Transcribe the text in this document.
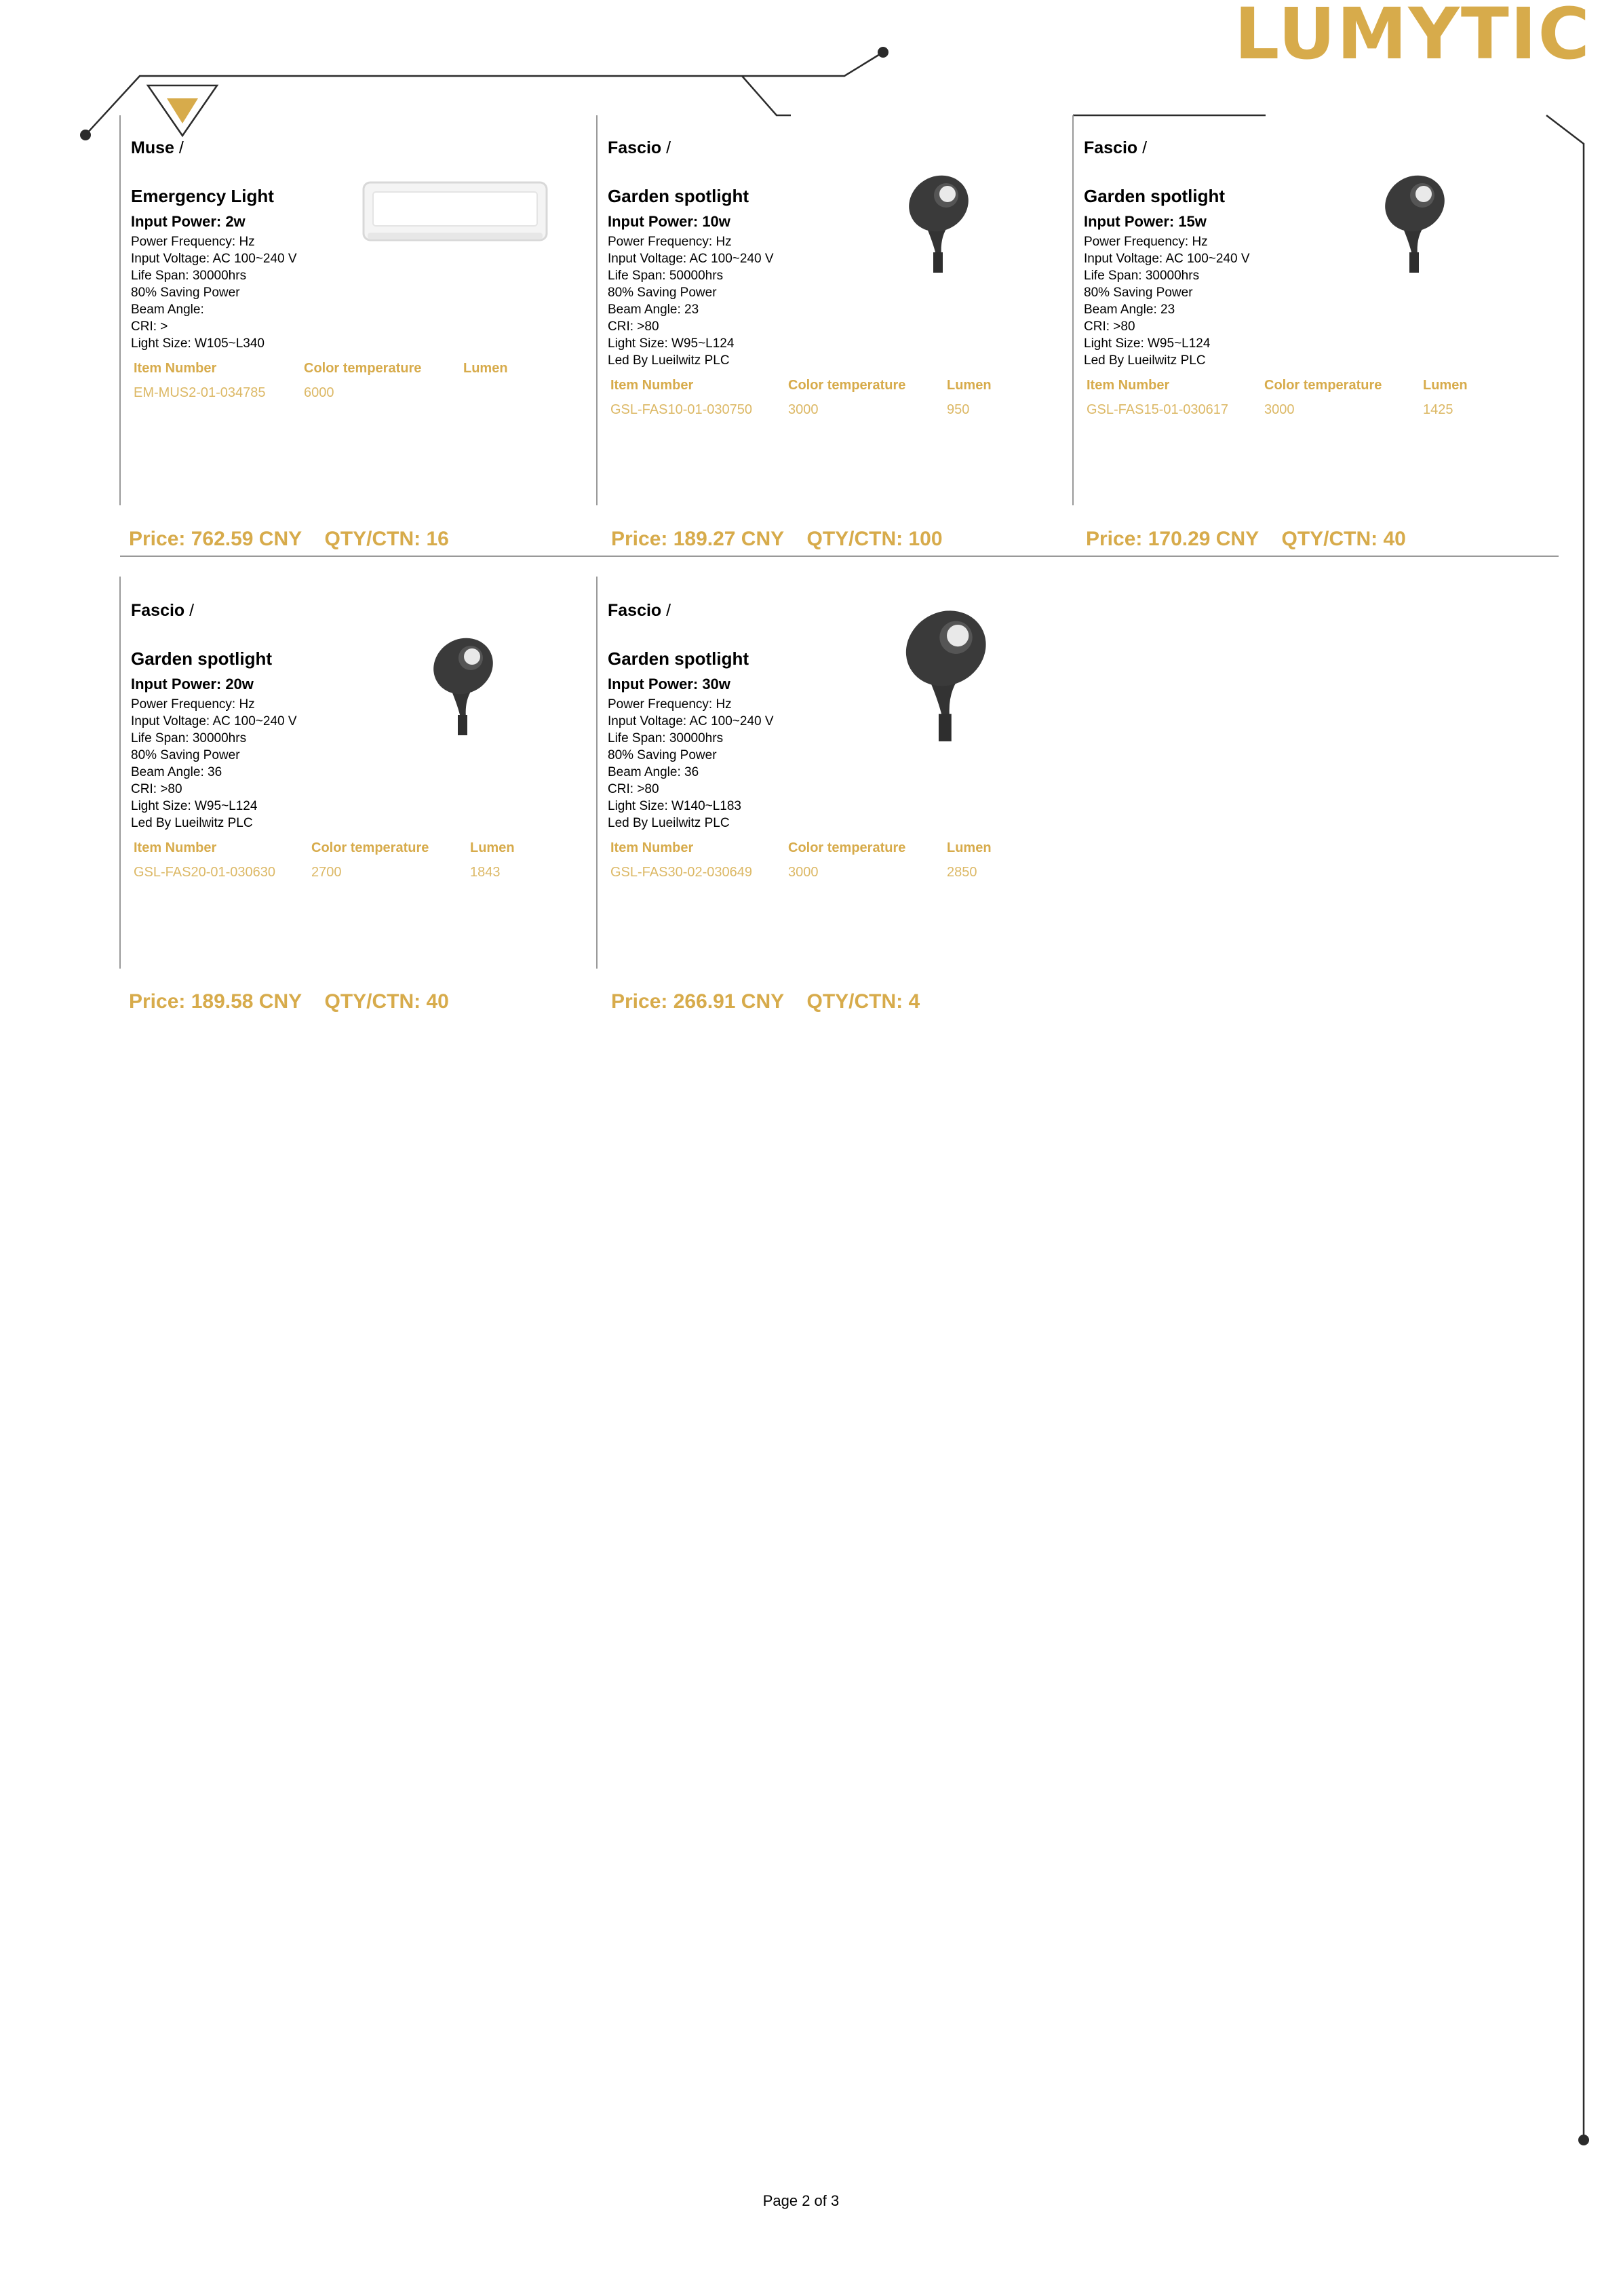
LUMYTIC
Muse /
Emergency Light
Input Power: 2w
Power Frequency: Hz
Input Voltage: AC 100~240 V
Life Span: 30000hrs
80% Saving Power
Beam Angle:
CRI: >
Light Size: W105~L340
Item Number	Color temperature	Lumen
EM-MUS2-01-034785	6000
Price: 762.59 CNY QTY/CTN: 16
Fascio /
Garden spotlight
Input Power: 10w
Power Frequency: Hz
Input Voltage: AC 100~240 V
Life Span: 50000hrs
80% Saving Power
Beam Angle: 23
CRI: >80
Light Size: W95~L124
Led By Lueilwitz PLC
Item Number	Color temperature	Lumen
GSL-FAS10-01-030750	3000	950
Price: 189.27 CNY QTY/CTN: 100
Fascio /
Garden spotlight
Input Power: 15w
Power Frequency: Hz
Input Voltage: AC 100~240 V
Life Span: 30000hrs
80% Saving Power
Beam Angle: 23
CRI: >80
Light Size: W95~L124
Led By Lueilwitz PLC
Item Number	Color temperature	Lumen
GSL-FAS15-01-030617	3000	1425
Price: 170.29 CNY QTY/CTN: 40
Fascio /
Garden spotlight
Input Power: 20w
Power Frequency: Hz
Input Voltage: AC 100~240 V
Life Span: 30000hrs
80% Saving Power
Beam Angle: 36
CRI: >80
Light Size: W95~L124
Led By Lueilwitz PLC
Item Number	Color temperature	Lumen
GSL-FAS20-01-030630	2700	1843
Price: 189.58 CNY QTY/CTN: 40
Fascio /
Garden spotlight
Input Power: 30w
Power Frequency: Hz
Input Voltage: AC 100~240 V
Life Span: 30000hrs
80% Saving Power
Beam Angle: 36
CRI: >80
Light Size: W140~L183
Led By Lueilwitz PLC
Item Number	Color temperature	Lumen
GSL-FAS30-02-030649	3000	2850
Price: 266.91 CNY QTY/CTN: 4
Page 2 of 3
